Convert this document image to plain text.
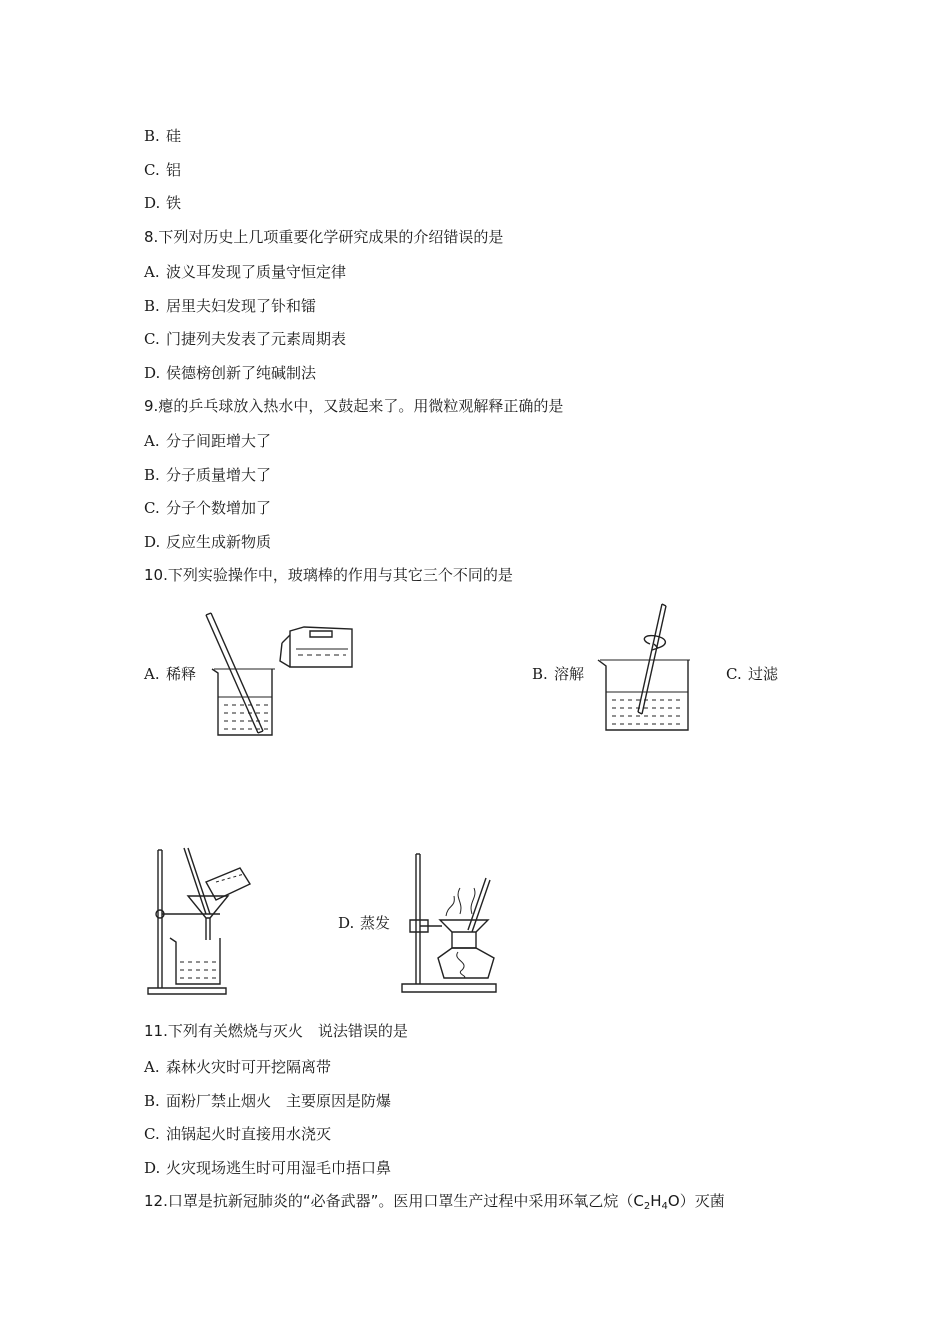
B. 硅
C. 铝
D. 铁
8.下列对历史上几项重要化学研究成果的介绍错误的是
A. 波义耳发现了质量守恒定律
B. 居里夫妇发现了钋和镭
C. 门捷列夫发表了元素周期表
D. 侯德榜创新了纯碱制法
9.瘪的乒乓球放入热水中，又鼓起来了。用微粒观解释正确的是
A. 分子间距增大了
B. 分子质量增大了
C. 分子个数增加了
D. 反应生成新物质
10.下列实验操作中，玻璃棒的作用与其它三个不同的是
A. 稀释	B. 溶解	C. 过滤
D. 蒸发
11.下列有关燃烧与灭火　说法错误的是
A. 森林火灾时可开挖隔离带
B. 面粉厂禁止烟火　主要原因是防爆
C. 油锅起火时直接用水浇灭
D. 火灾现场逃生时可用湿毛巾捂口鼻
12.口罩是抗新冠肺炎的“必备武器”。医用口罩生产过程中采用环氧乙烷$(C_2H_4O)$灭菌
